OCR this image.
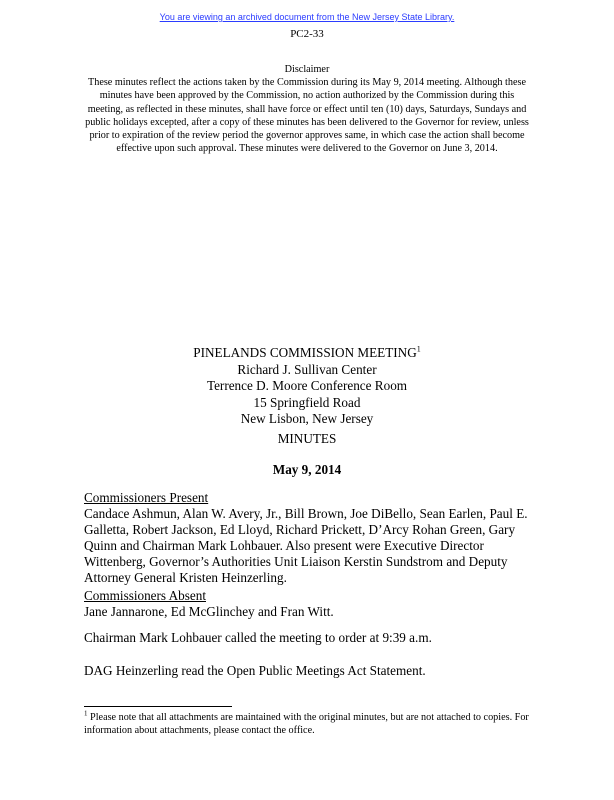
You are viewing an archived document from the New Jersey State Library.
PC2-33
Disclaimer
These minutes reflect the actions taken by the Commission during its May 9, 2014 meeting. Although these minutes have been approved by the Commission, no action authorized by the Commission during this meeting, as reflected in these minutes, shall have force or effect until ten (10) days, Saturdays, Sundays and public holidays excepted, after a copy of these minutes has been delivered to the Governor for review, unless prior to expiration of the review period the governor approves same, in which case the action shall become effective upon such approval. These minutes were delivered to the Governor on June 3, 2014.
PINELANDS COMMISSION MEETING$^1$
Richard J. Sullivan Center
Terrence D. Moore Conference Room
15 Springfield Road
New Lisbon, New Jersey
MINUTES
May 9, 2014
Commissioners Present
Candace Ashmun, Alan W. Avery, Jr., Bill Brown, Joe DiBello, Sean Earlen, Paul E. Galletta, Robert Jackson, Ed Lloyd, Richard Prickett, D’Arcy Rohan Green, Gary Quinn and Chairman Mark Lohbauer. Also present were Executive Director Wittenberg, Governor’s Authorities Unit Liaison Kerstin Sundstrom and Deputy Attorney General Kristen Heinzerling.
Commissioners Absent
Jane Jannarone, Ed McGlinchey and Fran Witt.
Chairman Mark Lohbauer called the meeting to order at 9:39 a.m.
DAG Heinzerling read the Open Public Meetings Act Statement.
$^1$ Please note that all attachments are maintained with the original minutes, but are not attached to copies. For information about attachments, please contact the office.
